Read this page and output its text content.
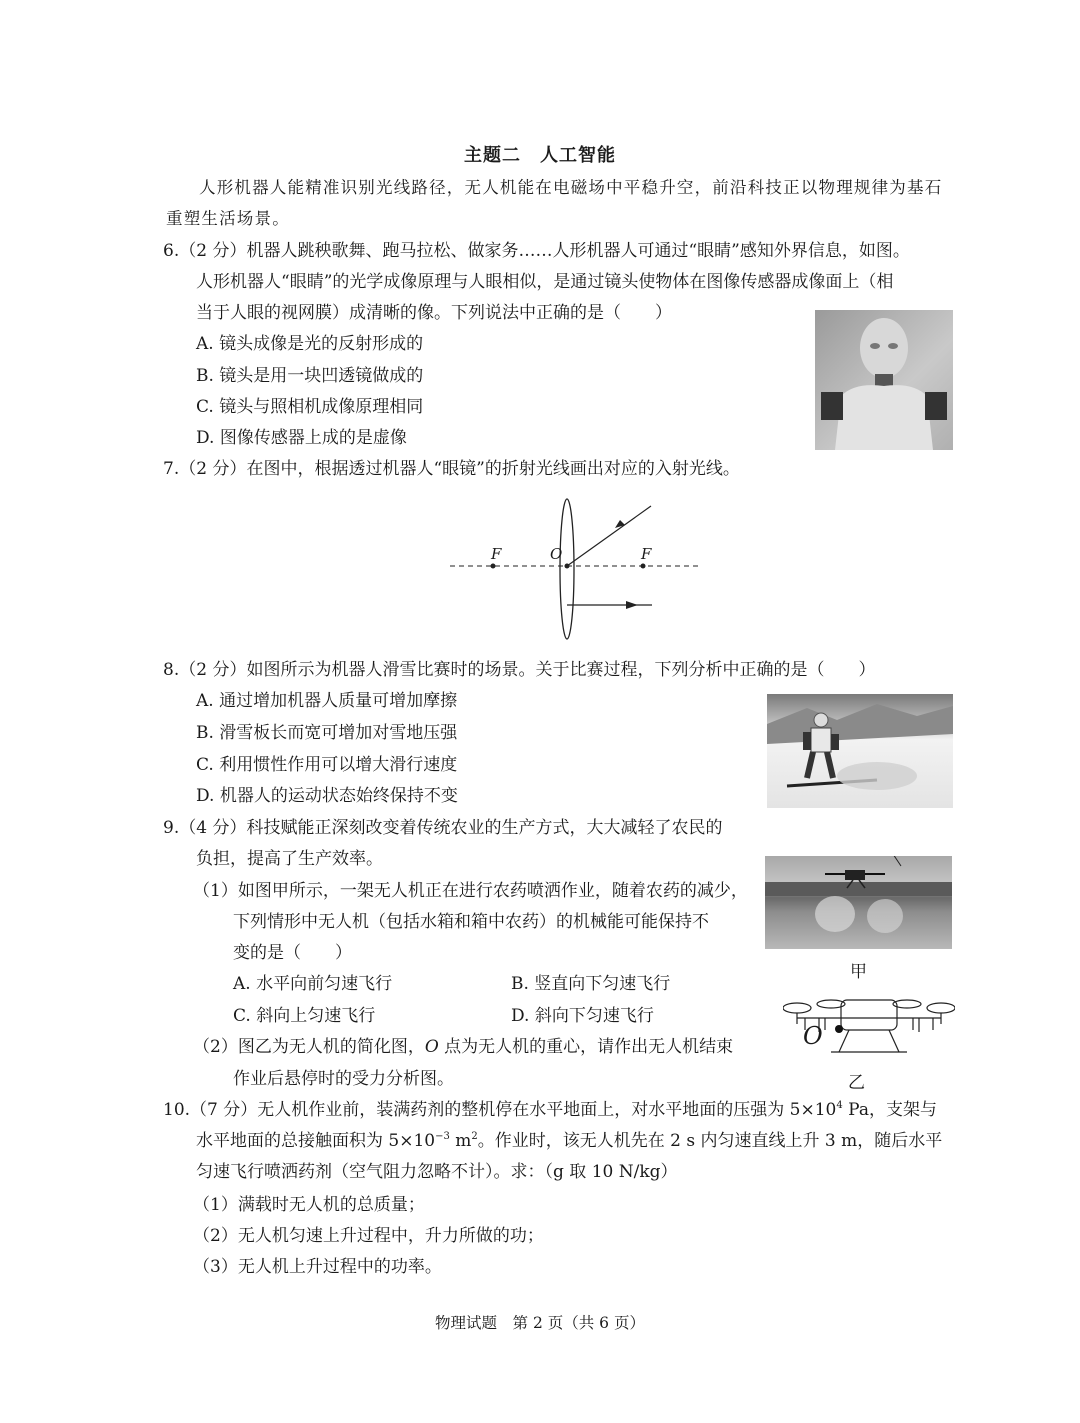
主题二　人工智能
人形机器人能精准识别光线路径，无人机能在电磁场中平稳升空，前沿科技正以物理规律为基石
重塑生活场景。
6.（2 分）机器人跳秧歌舞、跑马拉松、做家务……人形机器人可通过“眼睛”感知外界信息，如图。
人形机器人“眼睛”的光学成像原理与人眼相似，是通过镜头使物体在图像传感器成像面上（相
当于人眼的视网膜）成清晰的像。下列说法中正确的是（　　）
A. 镜头成像是光的反射形成的
B. 镜头是用一块凹透镜做成的
C. 镜头与照相机成像原理相同
D. 图像传感器上成的是虚像
7.（2 分）在图中，根据透过机器人“眼镜”的折射光线画出对应的入射光线。
F	O	F
8.（2 分）如图所示为机器人滑雪比赛时的场景。关于比赛过程，下列分析中正确的是（　　）
A. 通过增加机器人质量可增加摩擦
B. 滑雪板长而宽可增加对雪地压强
C. 利用惯性作用可以增大滑行速度
D. 机器人的运动状态始终保持不变
9.（4 分）科技赋能正深刻改变着传统农业的生产方式，大大减轻了农民的
负担，提高了生产效率。
（1）如图甲所示，一架无人机正在进行农药喷洒作业，随着农药的减少，
下列情形中无人机（包括水箱和箱中农药）的机械能可能保持不
变的是（　　）
A. 水平向前匀速飞行	B. 竖直向下匀速飞行
C. 斜向上匀速飞行	D. 斜向下匀速飞行
（2）图乙为无人机的简化图，O 点为无人机的重心，请作出无人机结束
作业后悬停时的受力分析图。
甲
O
乙
10.（7 分）无人机作业前，装满药剂的整机停在水平地面上，对水平地面的压强为 $5\times 10^4$ Pa，支架与
水平地面的总接触面积为 $5\times 10^{-3}$ $m^2$。作业时，该无人机先在 2 s 内匀速直线上升 3 m，随后水平
匀速飞行喷洒药剂（空气阻力忽略不计）。求：（g 取 10 N/kg）
（1）满载时无人机的总质量；
（2）无人机匀速上升过程中，升力所做的功；
（3）无人机上升过程中的功率。
物理试题　第 2 页（共 6 页）
